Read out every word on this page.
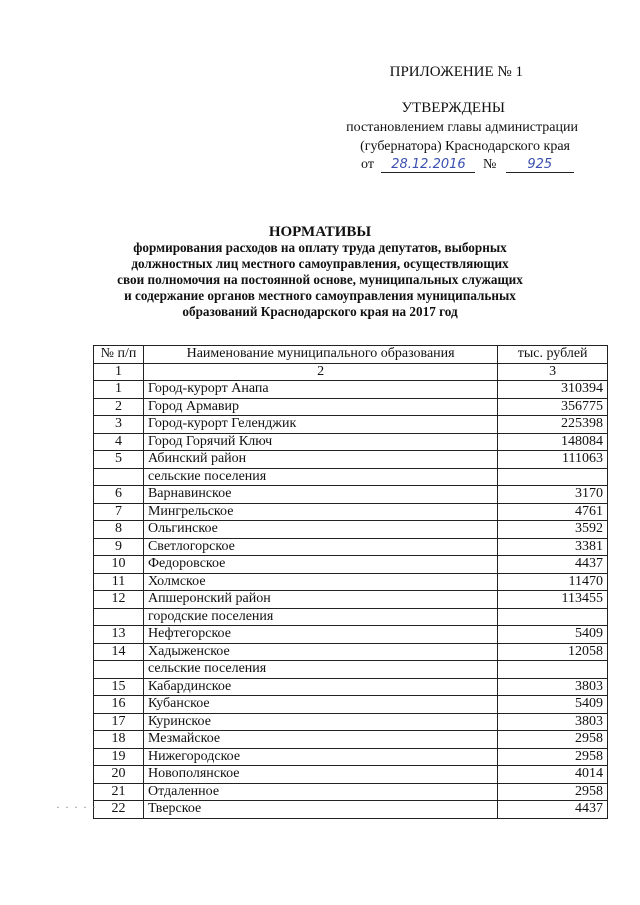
ПРИЛОЖЕНИЕ № 1
УТВЕРЖДЕНЫ
постановлением главы администрации
(губернатора) Краснодарского края
от 28.12.2016 № 925
НОРМАТИВЫ
формирования расходов на оплату труда депутатов, выборных
должностных лиц местного самоуправления, осуществляющих
свои полномочия на постоянной основе, муниципальных служащих
и содержание органов местного самоуправления муниципальных
образований Краснодарского края на 2017 год
№ п/п	Наименование муниципального образования	тыс. рублей
1	2	3
1	Город-курорт Анапа	310394
2	Город Армавир	356775
3	Город-курорт Геленджик	225398
4	Город Горячий Ключ	148084
5	Абинский район	111063
	сельские поселения	
6	Варнавинское	3170
7	Мингрельское	4761
8	Ольгинское	3592
9	Светлогорское	3381
10	Федоровское	4437
11	Холмское	11470
12	Апшеронский район	113455
	городские поселения	
13	Нефтегорское	5409
14	Хадыженское	12058
	сельские поселения	
15	Кабардинское	3803
16	Кубанское	5409
17	Куринское	3803
18	Мезмайское	2958
19	Нижегородское	2958
20	Новополянское	4014
21	Отдаленное	2958
22	Тверское	4437
· · · · ·
